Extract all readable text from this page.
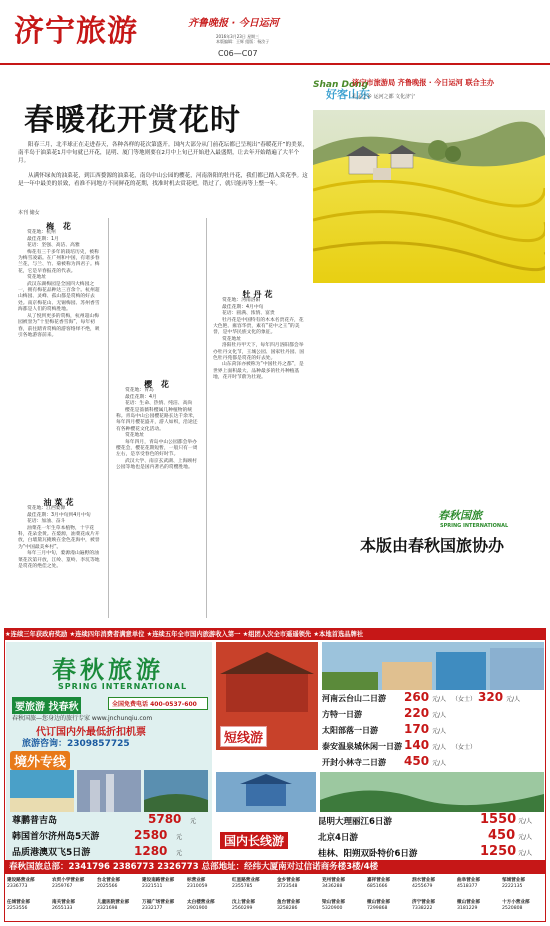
济宁旅游	齐鲁晚报 · 今日运河
2016年3月23日 星期三
本版编辑：王辉 组版：杨汝子
C06—C07
Shan Dong
好客山东
济宁市旅游局 齐鲁晚报 · 今日运河 联合主办
孔孟之乡 运河之都 文化济宁
春暖花开赏花时

阳春三月，北半球正在走进春天，各种各样的花次第盛开。国内大部分从门前花坛都已呈现出“春暖花开”的美景，南半岛于油菜花1月中旬就已开花，昆明、厦门等地则要在2月中上旬已开始进入最盛期，让去年开始踏遍了大半个月。

从满怀绿灰的油菜花，到江西婺源的油菜花，南岛中山公园的樱花，河南洛阳的牡丹花，我们都已踏入赏花季。这是一年中最美的景致，看准不同地方不同鲜花的花期，找准时机去赏花吧，错过了，就只能再等上整一年。

本刊 储女
梅 花

赏花地：杭州

最佳花期：1月

花语：坚强、高洁、高雅

梅花有三千多年的栽培历史，被称为梅雪凌霜。在广州和中国，有诸多春兰花，与兰、竹、菊被称为四君子。梅花，它是早春报花的代表。

赏花地址

武汉东湖梅园是全国四大梅园之一，拥有梅花品种达三百余个。杭州超山梅园、灵峰、孤山都是赏梅的好去处。南京梅花山、无锡梅园、苏州香雪海都是人们的赏梅胜地。

从了悦到更多的赏梅，杭州超山梅园被誉为“十里梅花香雪海”，每年初春，前往踏青赏梅的游客络绎不绝，吸引各地游客前来。

油菜花

赏花地：江西婺源

最佳花期：3月中旬到4月中旬

花语：加油、奋斗

油菜花一年生草本植物，十字花科，花朵金黄。在婺源，油菜花成片开放，白墙黛瓦掩映在金色花海中，被誉为“中国最美乡村”。

每年三月中旬，婺源漫山遍野的油菜花次第开放，江岭、篁岭、李坑等地是赏花的绝佳之处。

樱 花

赏花地：青岛

最佳花期：4月

花语：生命、热情、纯洁、高尚

樱花是蔷薇科樱属几种植物的统称。青岛中山公园樱花路长达千余米，每年四月樱花盛开，游人如织，沿途还有各种樱花文化活动。

赏花地址

每年四月，青岛中山公园都会举办樱花会，樱花花期短暂，一般只有一周左右，是享受春色的好时节。

武汉大学、南京玄武湖、上海顾村公园等地也是国内著名的赏樱胜地。

牡丹花

赏花地：河南洛阳

最佳花期：4月中旬

花语：圆满、浓情、富贵

牡丹花是中国特有的木本名贵花卉，花大色艳、雍容华贵，素有“花中之王”的美誉，是中华民族文化的象征。

赏花地址

洛阳牡丹甲天下，每年四月洛阳都会举办牡丹文化节，王城公园、国家牡丹园、国色牡丹苑都是赏花的好去处。

山东菏泽亦被称为“中国牡丹之都”，是世界上面积最大、品种最多的牡丹种植基地，花开时节蔚为壮观。

春秋国旅
SPRING INTERNATIONAL
本版由春秋国旅协办
★连续三年获政府奖励 ★连续四年消费者满意单位 ★连续五年全市国内旅游收入第一 ★组团人次全市遥遥领先 ★本地首选品牌社
春秋旅游
SPRING INTERNATIONAL
要旅游 找春秋	全国免费电话 400-0537-600
春秋国旅—您身边的旅行专家 www.jnchunqiu.com
代订国内外最低折扣机票
旅游咨询：2309857725
境外专线
尊鹏普吉岛	5780 元
韩国首尔济州岛5天游	2580 元
品质港澳双飞5日游	1280 元
短线游
河南云台山二日游 260 元/人 （女士） 320 元/人
方特一日游	220 元/人
太阳部落一日游 170 元/人
泰安温泉城休闲一日游 140 元/人 （女士）
开封小林寺二日游 450 元/人
国内长线游
昆明大理丽江6日游	1550 元/人
北京4日游	450 元/人
桂林、阳朔双卧特价6日游	1250 元/人
春秋国旅总部：2341796 2386773 2326773 总部地址：经纬大厦南对过信诺商务楼3楼/4楼
建设路营业部
2336773
农贸小学营业部
2359767
台北营业部
2025566
建设南路营业部
2321511
标营业部
2310059
红星路营业部
2355785
金乡营业部
3723548
兖州营业部
3436288
嘉祥营业部
6851666
泗水营业部
4255679
曲阜营业部
4518377
邹城营业部
2222135
任城营业部
2253556
南关营业部
2655133
儿童医院营业部
2321698
万福广场营业部
2332177
太白楼营业部
2901900
汶上营业部
2560299
鱼台营业部
3258286
梁山营业部
5320900
微山营业部
7299868
济宁营业部
7338222
微山营业部
3181229
十方小营业部
2520808
